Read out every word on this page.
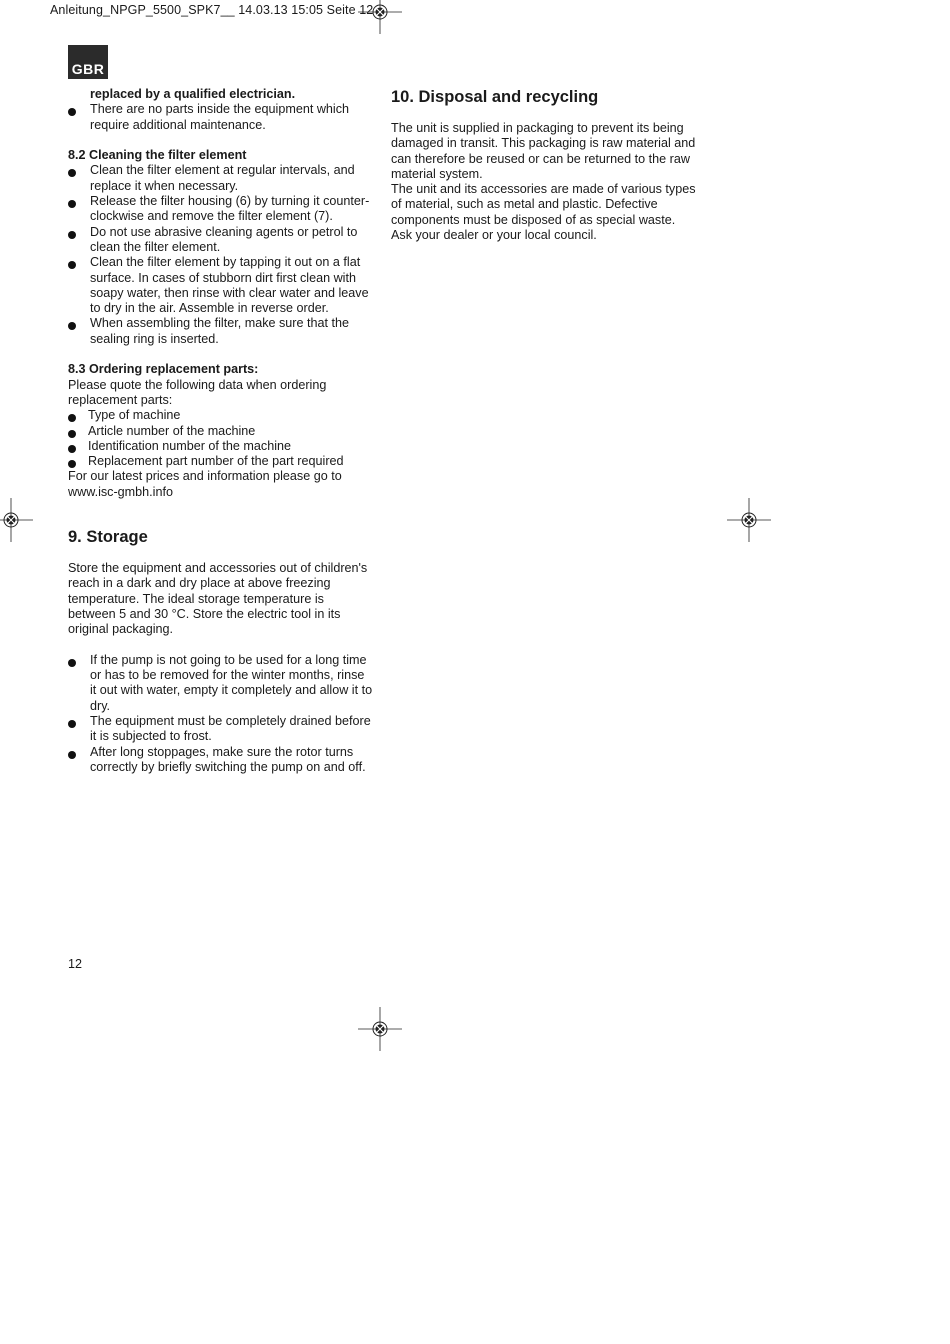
Anleitung_NPGP_5500_SPK7__ 14.03.13 15:05 Seite 12
GBR
replaced by a qualified electrician.
There are no parts inside the equipment which require additional maintenance.
8.2 Cleaning the filter element
Clean the filter element at regular intervals, and replace it when necessary.
Release the filter housing (6) by turning it counter-clockwise and remove the filter element (7).
Do not use abrasive cleaning agents or petrol to clean the filter element.
Clean the filter element by tapping it out on a flat surface. In cases of stubborn dirt first clean with soapy water, then rinse with clear water and leave to dry in the air. Assemble in reverse order.
When assembling the filter, make sure that the sealing ring is inserted.
8.3 Ordering replacement parts:
Please quote the following data when ordering replacement parts:
Type of machine
Article number of the machine
Identification number of the machine
Replacement part number of the part required
For our latest prices and information please go to www.isc-gmbh.info
9. Storage
Store the equipment and accessories out of children's reach in a dark and dry place at above freezing temperature. The ideal storage temperature is between 5 and 30 °C. Store the electric tool in its original packaging.
If the pump is not going to be used for a long time or has to be removed for the winter months, rinse it out with water, empty it completely and allow it to dry.
The equipment must be completely drained before it is subjected to frost.
After long stoppages, make sure the rotor turns correctly by briefly switching the pump on and off.
10. Disposal and recycling
The unit is supplied in packaging to prevent its being damaged in transit. This packaging is raw material and can therefore be reused or can be returned to the raw material system.
The unit and its accessories are made of various types of material, such as metal and plastic. Defective components must be disposed of as special waste. Ask your dealer or your local council.
12
